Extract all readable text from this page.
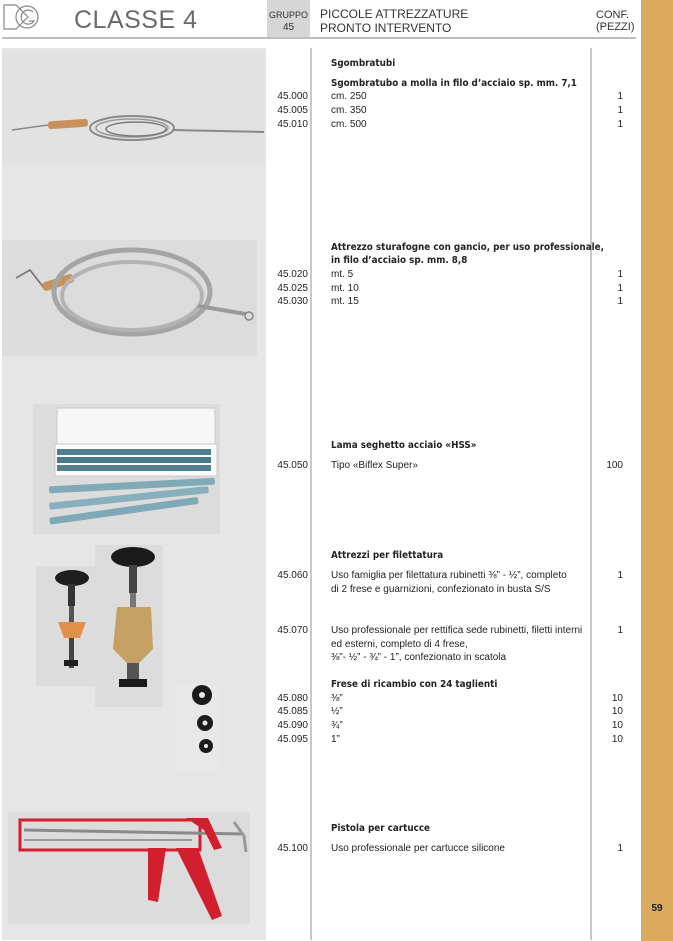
59
CLASSE 4	GRUPPO
45
PICCOLE ATTREZZATURE
PRONTO INTERVENTO
CONF.
(PEZZI)
Sgombratubi
Sgombratubo a molla in filo d’acciaio sp. mm. 7,1
45.000 cm. 250	1
45.005 cm. 350	1
45.010 cm. 500	1
Attrezzo sturafogne con gancio, per uso professionale,
in filo d’acciaio sp. mm. 8,8
45.020 mt. 5	1
45.025 mt. 10	1
45.030 mt. 15	1
Lama seghetto acciaio «HSS»
45.050 Tipo «Biflex Super»	100
Attrezzi per filettatura
45.060 Uso famiglia per filettatura rubinetti ⅜” - ½”, completo
di 2 frese e guarnizioni, confezionato in busta S/S
1
45.070 Uso professionale per rettifica sede rubinetti, filetti interni
ed esterni, completo di 4 frese,
⅜”- ½” - ¾” - 1”, confezionato in scatola
1
Frese di ricambio con 24 taglienti
45.080 ⅜”	10
45.085 ½”	10
45.090 ¾”	10
45.095 1”	10
Pistola per cartucce
45.100 Uso professionale per cartucce silicone	1
